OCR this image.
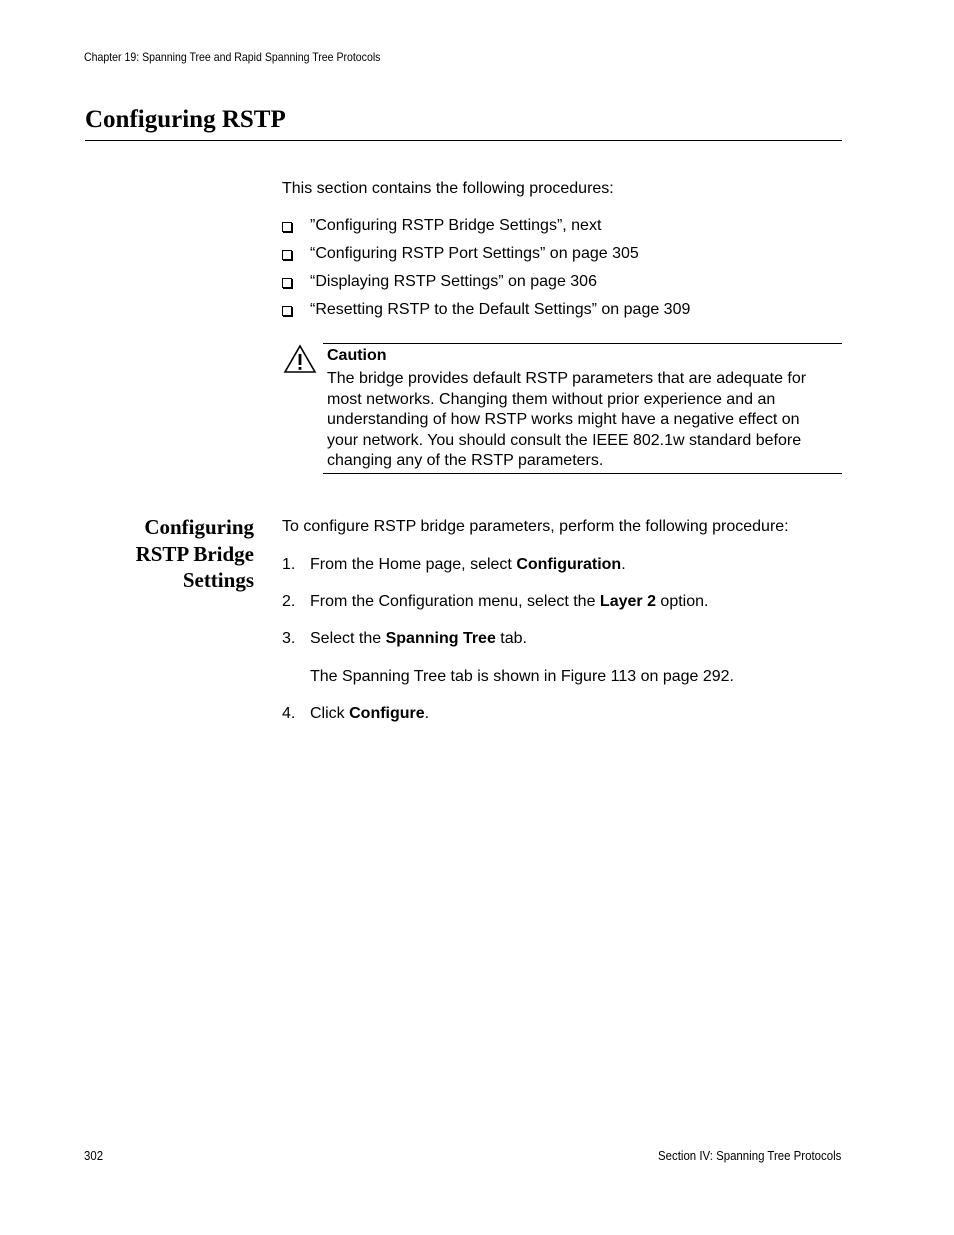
Chapter 19: Spanning Tree and Rapid Spanning Tree Protocols
Configuring RSTP
This section contains the following procedures:
”Configuring RSTP Bridge Settings”, next
“Configuring RSTP Port Settings” on page 305
“Displaying RSTP Settings” on page 306
“Resetting RSTP to the Default Settings” on page 309
Caution
The bridge provides default RSTP parameters that are adequate for
most networks. Changing them without prior experience and an
understanding of how RSTP works might have a negative effect on
your network. You should consult the IEEE 802.1w standard before
changing any of the RSTP parameters.
Configuring
RSTP Bridge
Settings
To configure RSTP bridge parameters, perform the following procedure:
1. From the Home page, select Configuration.
2. From the Configuration menu, select the Layer 2 option.
3. Select the Spanning Tree tab.
The Spanning Tree tab is shown in Figure 113 on page 292.
4. Click Configure.
302	Section IV: Spanning Tree Protocols
